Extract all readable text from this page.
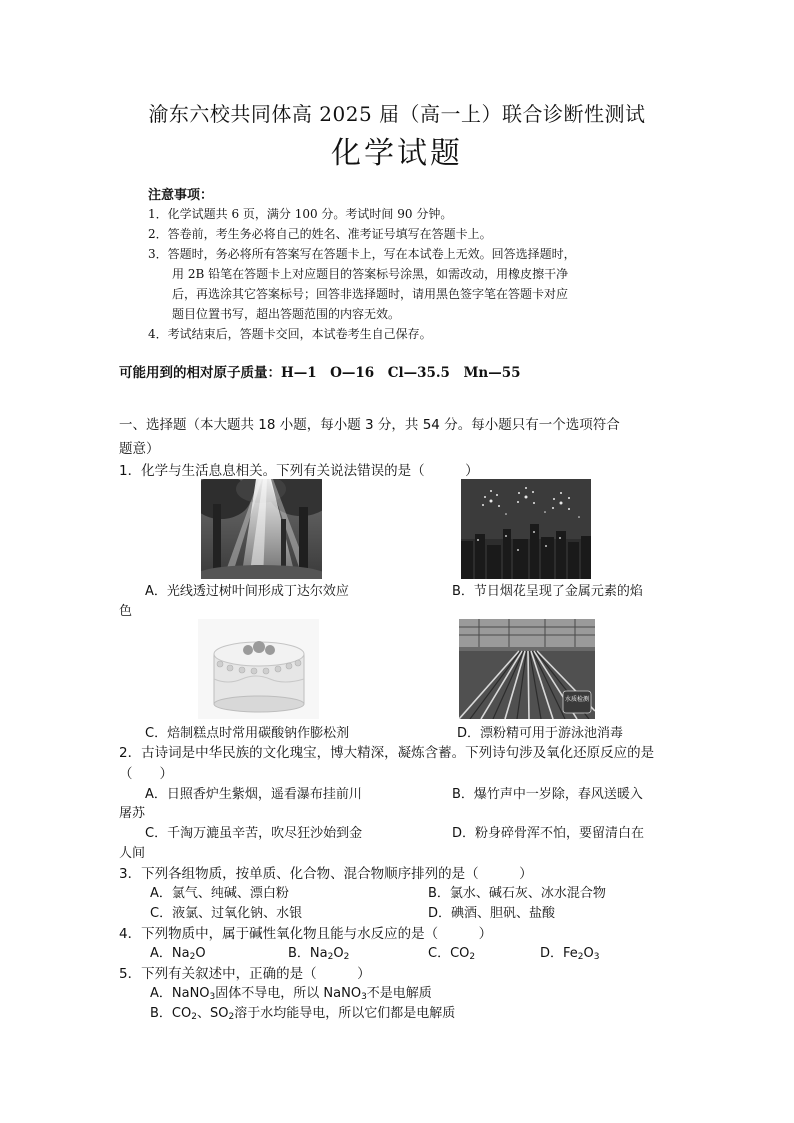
渝东六校共同体高 2025 届（高一上）联合诊断性测试
化学试题
注意事项：
1．化学试题共 6 页，满分 100 分。考试时间 90 分钟。
2．答卷前，考生务必将自己的姓名、准考证号填写在答题卡上。
3．答题时，务必将所有答案写在答题卡上，写在本试卷上无效。回答选择题时，
用 2B 铅笔在答题卡上对应题目的答案标号涂黑，如需改动，用橡皮擦干净
后，再选涂其它答案标号；回答非选择题时，请用黑色签字笔在答题卡对应
题目位置书写，超出答题范围的内容无效。
4．考试结束后，答题卡交回，本试卷考生自己保存。
可能用到的相对原子质量：H—1　O—16　Cl—35.5　Mn—55
一、选择题（本大题共 18 小题，每小题 3 分，共 54 分。每小题只有一个选项符合
题意）
1．化学与生活息息相关。下列有关说法错误的是（　　　）
A．光线透过树叶间形成丁达尔效应	B．节日烟花呈现了金属元素的焰
色
水质检测
C．焙制糕点时常用碳酸钠作膨松剂	D．漂粉精可用于游泳池消毒
2．古诗词是中华民族的文化瑰宝，博大精深，凝炼含蓄。下列诗句涉及氧化还原反应的是
（　　）
A．日照香炉生紫烟，遥看瀑布挂前川	B．爆竹声中一岁除，春风送暖入
屠苏
C．千淘万漉虽辛苦，吹尽狂沙始到金	D．粉身碎骨浑不怕，要留清白在
人间
3．下列各组物质，按单质、化合物、混合物顺序排列的是（　　　）
A．氯气、纯碱、漂白粉	B．氯水、碱石灰、冰水混合物
C．液氯、过氧化钠、水银	D．碘酒、胆矾、盐酸
4．下列物质中，属于碱性氧化物且能与水反应的是（　　　）
A．$Na_2O$	B．$Na_2O_2$	C．$CO_2$	D．$Fe_2O_3$
5．下列有关叙述中，正确的是（　　　）
A．NaNO$_3$固体不导电，所以 NaNO$_3$不是电解质
B．$CO_2$、$SO_2$溶于水均能导电，所以它们都是电解质
